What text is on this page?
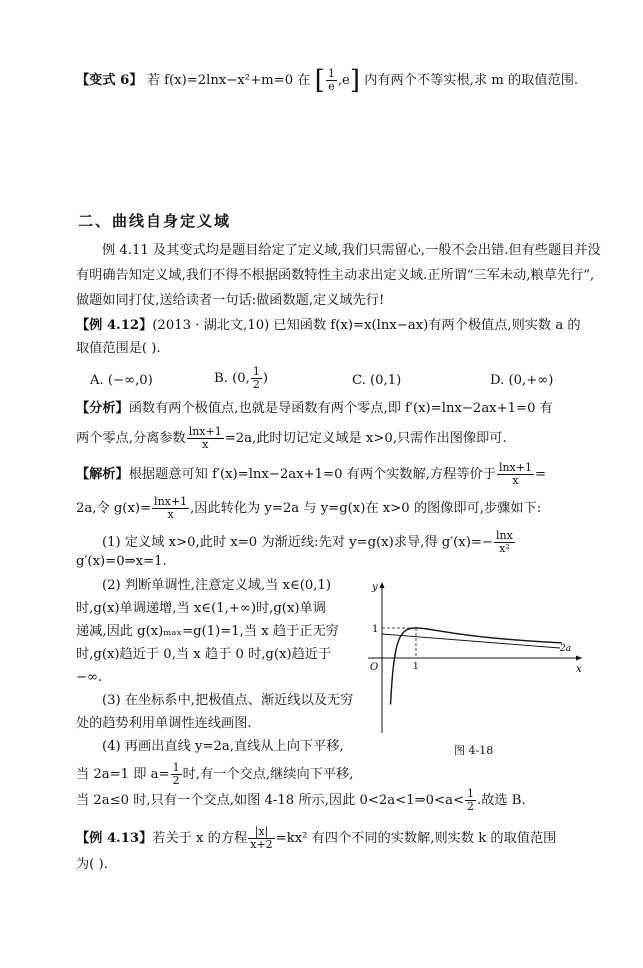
【变式 6】 若 f(x)=2lnx−x²+m=0 在 [ $\frac{1}{e} ,e$] 内有两个不等实根,求 m 的取值范围.
二、曲线自身定义域
例 4.11 及其变式均是题目给定了定义域,我们只需留心,一般不会出错.但有些题目并没
有明确告知定义域,我们不得不根据函数特性主动求出定义域.正所谓“三军未动,粮草先行”,
做题如同打仗,送给读者一句话:做函数题,定义域先行!
【例 4.12】(2013 · 湖北文,10) 已知函数 f(x)=x(lnx−ax)有两个极值点,则实数 a 的
取值范围是( ).
A. (−∞,0)	B. (0, $\frac{1}{2}$ )	C. (0,1)	D. (0,+∞)
【分析】函数有两个极值点,也就是导函数有两个零点,即 f′(x)=lnx−2ax+1=0 有
两个零点,分离参数 $\frac{\ln x+1}{x} =2a$,此时切记定义域是 x>0,只需作出图像即可.
【解析】根据题意可知 f′(x)=lnx−2ax+1=0 有两个实数解,方程等价于 $\frac{\ln x+1}{x}$ =
2a,令 $g(x)= \frac{\ln x+1}{x}$ ,因此转化为 y=2a 与 y=g(x)在 x>0 的图像即可,步骤如下:
(1) 定义域 x>0,此时 x=0 为渐近线:先对 y=g(x)求导,得 $g'(x)=- \frac{\ln x}{\text{x²}}$
g′(x)=0⇒x=1.
(2) 判断单调性,注意定义域,当 x∈(0,1)
时,g(x)单调递增,当 x∈(1,+∞)时,g(x)单调
递减,因此 g(x)ₘₐₓ=g(1)=1,当 x 趋于正无穷
时,g(x)趋近于 0,当 x 趋于 0 时,g(x)趋近于
−∞.
(3) 在坐标系中,把极值点、渐近线以及无穷
处的趋势利用单调性连线画图.
(4) 再画出直线 y=2a,直线从上向下平移,
当 2a=1 即 $a= \frac{1}{2}$ 时,有一个交点,继续向下平移,
当 2a≤0 时,只有一个交点,如图 4-18 所示,因此 0<2a<1⇒0<a< $\frac{1}{2}$ .故选 B.
y
x
O
1
1
2a
图 4-18
【例 4.13】若关于 x 的方程 $\frac{|x|}{x+2} =kx^2$ 有四个不同的实数解,则实数 k 的取值范围
为( ).
